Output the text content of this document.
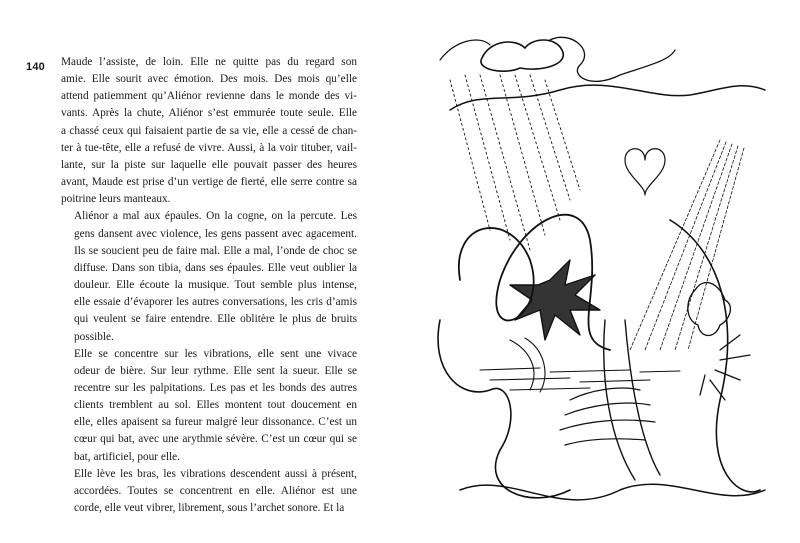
140 Maude l’assiste, de loin. Elle ne quitte pas du regard son
amie. Elle sourit avec émotion. Des mois. Des mois qu’elle
attend patiemment qu’Aliénor revienne dans le monde des vi-
vants. Après la chute, Aliénor s’est emmurée toute seule. Elle
a chassé ceux qui faisaient partie de sa vie, elle a cessé de chan-
ter à tue-tête, elle a refusé de vivre. Aussi, à la voir tituber, vail-
lante, sur la piste sur laquelle elle pouvait passer des heures
avant, Maude est prise d’un vertige de fierté, elle serre contre sa
poitrine leurs manteaux.

Aliénor a mal aux épaules. On la cogne, on la percute. Les
gens dansent avec violence, les gens passent avec agacement.
Ils se soucient peu de faire mal. Elle a mal, l’onde de choc se
diffuse. Dans son tibia, dans ses épaules. Elle veut oublier la
douleur. Elle écoute la musique. Tout semble plus intense,
elle essaie d’évaporer les autres conversations, les cris d’amis
qui veulent se faire entendre. Elle oblitère le plus de bruits
possible.

Elle se concentre sur les vibrations, elle sent une vivace
odeur de bière. Sur leur rythme. Elle sent la sueur. Elle se
recentre sur les palpitations. Les pas et les bonds des autres
clients tremblent au sol. Elles montent tout doucement en
elle, elles apaisent sa fureur malgré leur dissonance. C’est un
cœur qui bat, avec une arythmie sévère. C’est un cœur qui se
bat, artificiel, pour elle.

Elle lève les bras, les vibrations descendent aussi à présent,
accordées. Toutes se concentrent en elle. Aliénor est une
corde, elle veut vibrer, librement, sous l’archet sonore. Et la
